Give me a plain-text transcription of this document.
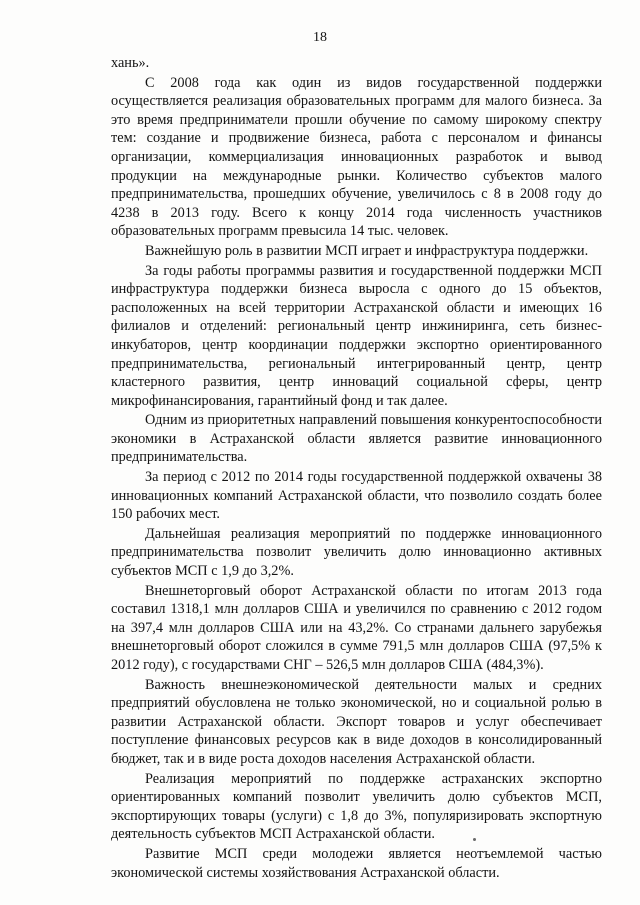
18

хань».

С 2008 года как один из видов государственной поддержки осуществляется реализация образовательных программ для малого бизнеса. За это время предприниматели прошли обучение по самому широкому спектру тем: создание и продвижение бизнеса, работа с персоналом и финансы организации, коммерциализация инновационных разработок и вывод продукции на международные рынки. Количество субъектов малого предпринимательства, прошедших обучение, увеличилось с 8 в 2008 году до 4238 в 2013 году. Всего к концу 2014 года численность участников образовательных программ превысила 14 тыс. человек.

Важнейшую роль в развитии МСП играет и инфраструктура поддержки.

За годы работы программы развития и государственной поддержки МСП инфраструктура поддержки бизнеса выросла с одного до 15 объектов, расположенных на всей территории Астраханской области и имеющих 16 филиалов и отделений: региональный центр инжиниринга, сеть бизнес-инкубаторов, центр координации поддержки экспортно ориентированного предпринимательства, региональный интегрированный центр, центр кластерного развития, центр инноваций социальной сферы, центр микрофинансирования, гарантийный фонд и так далее.

Одним из приоритетных направлений повышения конкурентоспособности экономики в Астраханской области является развитие инновационного предпринимательства.

За период с 2012 по 2014 годы государственной поддержкой охвачены 38 инновационных компаний Астраханской области, что позволило создать более 150 рабочих мест.

Дальнейшая реализация мероприятий по поддержке инновационного предпринимательства позволит увеличить долю инновационно активных субъектов МСП с 1,9 до 3,2%.

Внешнеторговый оборот Астраханской области по итогам 2013 года составил 1318,1 млн долларов США и увеличился по сравнению с 2012 годом на 397,4 млн долларов США или на 43,2%. Со странами дальнего зарубежья внешнеторговый оборот сложился в сумме 791,5 млн долларов США (97,5% к 2012 году), с государствами СНГ – 526,5 млн долларов США (484,3%).

Важность внешнеэкономической деятельности малых и средних предприятий обусловлена не только экономической, но и социальной ролью в развитии Астраханской области. Экспорт товаров и услуг обеспечивает поступление финансовых ресурсов как в виде доходов в консолидированный бюджет, так и в виде роста доходов населения Астраханской области.

Реализация мероприятий по поддержке астраханских экспортно ориентированных компаний позволит увеличить долю субъектов МСП, экспортирующих товары (услуги) с 1,8 до 3%, популяризировать экспортную деятельность субъектов МСП Астраханской области.

Развитие МСП среди молодежи является неотъемлемой частью экономической системы хозяйствования Астраханской области.
